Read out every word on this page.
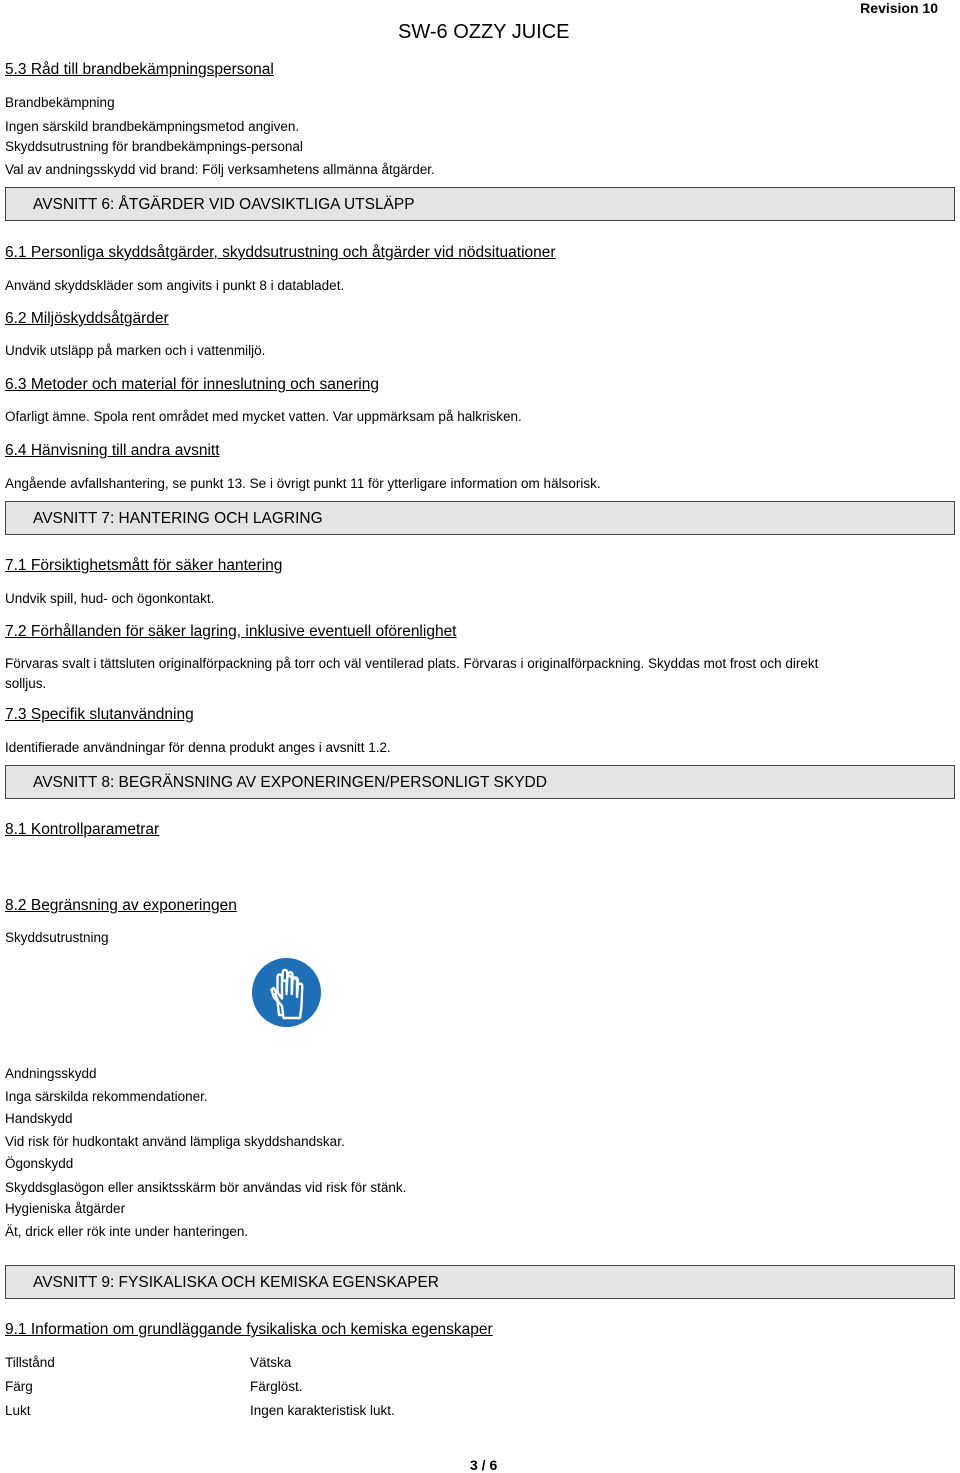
Revision 10
SW-6 OZZY JUICE
5.3 Råd till brandbekämpningspersonal
Brandbekämpning
Ingen särskild brandbekämpningsmetod angiven.
Skyddsutrustning för brandbekämpnings-personal
Val av andningsskydd vid brand: Följ verksamhetens allmänna åtgärder.
AVSNITT 6: ÅTGÄRDER VID OAVSIKTLIGA UTSLÄPP
6.1 Personliga skyddsåtgärder, skyddsutrustning och åtgärder vid nödsituationer
Använd skyddskläder som angivits i punkt 8 i databladet.
6.2 Miljöskyddsåtgärder
Undvik utsläpp på marken och i vattenmiljö.
6.3 Metoder och material för inneslutning och sanering
Ofarligt ämne. Spola rent området med mycket vatten. Var uppmärksam på halkrisken.
6.4 Hänvisning till andra avsnitt
Angående avfallshantering, se punkt 13. Se i övrigt punkt 11 för ytterligare information om hälsorisk.
AVSNITT 7: HANTERING OCH LAGRING
7.1 Försiktighetsmått för säker hantering
Undvik spill, hud- och ögonkontakt.
7.2 Förhållanden för säker lagring, inklusive eventuell oförenlighet
Förvaras svalt i tättsluten originalförpackning på torr och väl ventilerad plats. Förvaras i originalförpackning. Skyddas mot frost och direkt
solljus.
7.3 Specifik slutanvändning
Identifierade användningar för denna produkt anges i avsnitt 1.2.
AVSNITT 8: BEGRÄNSNING AV EXPONERINGEN/PERSONLIGT SKYDD
8.1 Kontrollparametrar
8.2 Begränsning av exponeringen
Skyddsutrustning
Andningsskydd
Inga särskilda rekommendationer.
Handskydd
Vid risk för hudkontakt använd lämpliga skyddshandskar.
Ögonskydd
Skyddsglasögon eller ansiktsskärm bör användas vid risk för stänk.
Hygieniska åtgärder
Ät, drick eller rök inte under hanteringen.
AVSNITT 9: FYSIKALISKA OCH KEMISKA EGENSKAPER
9.1 Information om grundläggande fysikaliska och kemiska egenskaper
Tillstånd	Vätska
Färg	Färglöst.
Lukt	Ingen karakteristisk lukt.
3 / 6
